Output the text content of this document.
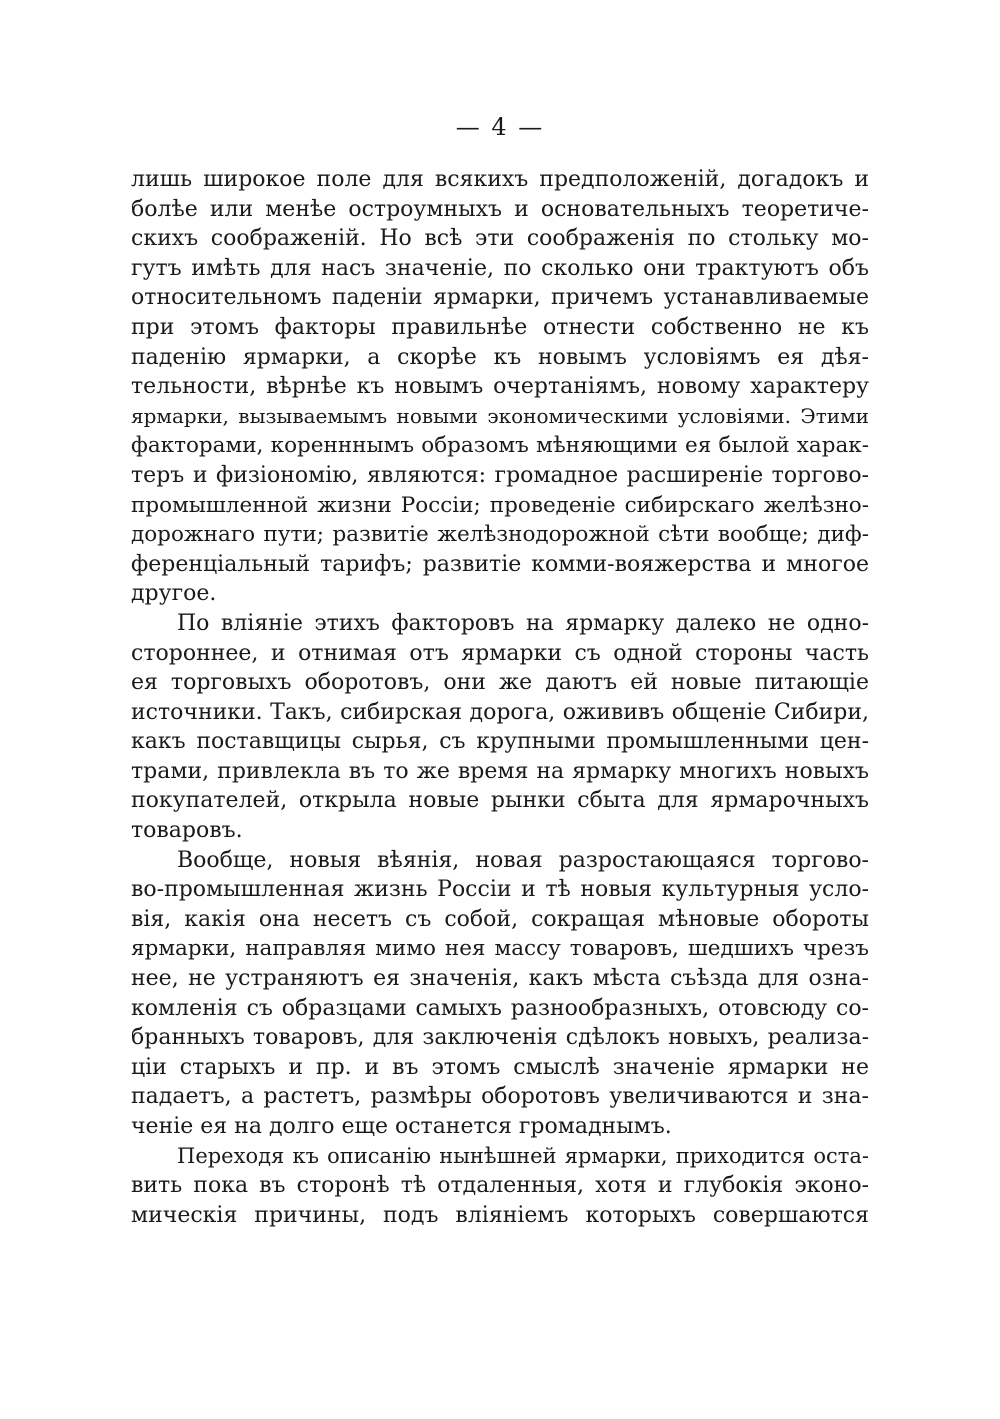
— 4 —
лишь широкое поле для всякихъ предположеній, догадокъ и
болѣе или менѣе остроумныхъ и основательныхъ теоретиче-
скихъ соображеній. Но всѣ эти соображенія по стольку мо-
гутъ имѣть для насъ значеніе, по сколько они трактуютъ объ
относительномъ паденіи ярмарки, причемъ устанавливаемые
при этомъ факторы правильнѣе отнести собственно не къ
паденію ярмарки, а скорѣе къ новымъ условіямъ ея дѣя-
тельности, вѣрнѣе къ новымъ очертаніямъ, новому характеру
ярмарки, вызываемымъ новыми экономическими условіями. Этими
факторами, коренннымъ образомъ мѣняющими ея былой харак-
теръ и физіономію, являются: громадное расширеніе торгово-
промышленной жизни Россіи; проведеніе сибирскаго желѣзно-
дорожнаго пути; развитіе желѣзнодорожной сѣти вообще; диф-
ференціальный тарифъ; развитіе комми-вояжерства и многое
другое.
По вліяніе этихъ факторовъ на ярмарку далеко не одно-
стороннее, и отнимая отъ ярмарки съ одной стороны часть
ея торговыхъ оборотовъ, они же даютъ ей новые питающіе
источники. Такъ, сибирская дорога, ожививъ общеніе Сибири,
какъ поставщицы сырья, съ крупными промышленными цен-
трами, привлекла въ то же время на ярмарку многихъ новыхъ
покупателей, открыла новые рынки сбыта для ярмарочныхъ
товаровъ.
Вообще, новыя вѣянія, новая разростающаяся торгово-
во-промышленная жизнь Россіи и тѣ новыя культурныя усло-
вія, какія она несетъ съ собой, сокращая мѣновые обороты
ярмарки, направляя мимо нея массу товаровъ, шедшихъ чрезъ
нее, не устраняютъ ея значенія, какъ мѣста съѣзда для озна-
комленія съ образцами самыхъ разнообразныхъ, отовсюду со-
бранныхъ товаровъ, для заключенія сдѣлокъ новыхъ, реализа-
ціи старыхъ и пр. и въ этомъ смыслѣ значеніе ярмарки не
падаетъ, а растетъ, размѣры оборотовъ увеличиваются и зна-
ченіе ея на долго еще останется громаднымъ.
Переходя къ описанію нынѣшней ярмарки, приходится оста-
вить пока въ сторонѣ тѣ отдаленныя, хотя и глубокія эконо-
мическія причины, подъ вліяніемъ которыхъ совершаются
